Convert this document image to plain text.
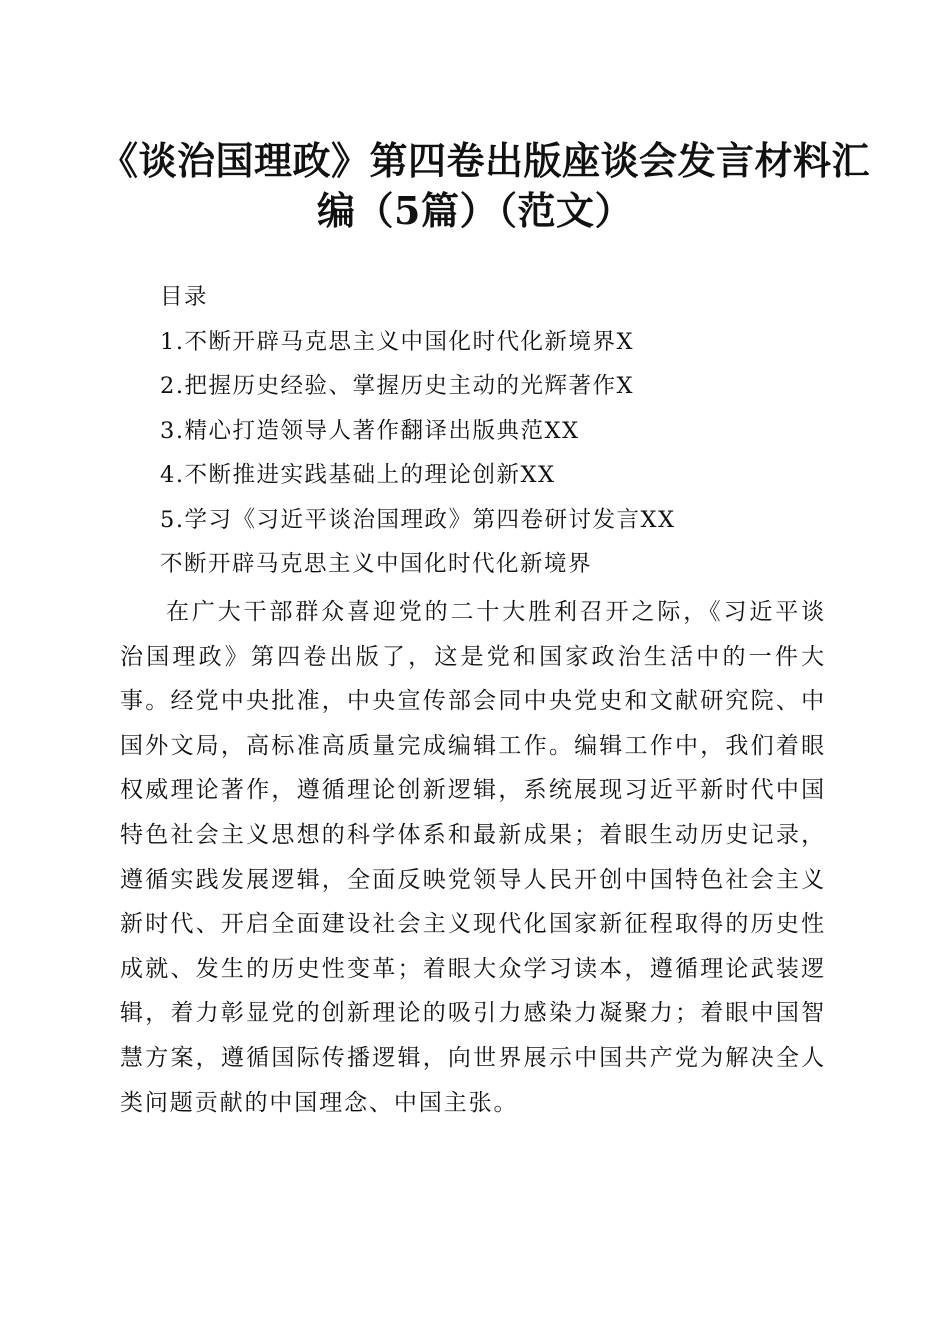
《谈治国理政》第四卷出版座谈会发言材料汇
编（5篇）（范文）
目录
1.不断开辟马克思主义中国化时代化新境界X
2.把握历史经验、掌握历史主动的光辉著作X
3.精心打造领导人著作翻译出版典范XX
4.不断推进实践基础上的理论创新XX
5.学习《习近平谈治国理政》第四卷研讨发言XX
不断开辟马克思主义中国化时代化新境界

在广大干部群众喜迎党的二十大胜利召开之际，《习近平谈治国理政》第四卷出版了，这是党和国家政治生活中的一件大事。经党中央批准，中央宣传部会同中央党史和文献研究院、中国外文局，高标准高质量完成编辑工作。编辑工作中，我们着眼权威理论著作，遵循理论创新逻辑，系统展现习近平新时代中国特色社会主义思想的科学体系和最新成果；着眼生动历史记录，遵循实践发展逻辑，全面反映党领导人民开创中国特色社会主义新时代、开启全面建设社会主义现代化国家新征程取得的历史性成就、发生的历史性变革；着眼大众学习读本，遵循理论武装逻辑，着力彰显党的创新理论的吸引力感染力凝聚力；着眼中国智慧方案，遵循国际传播逻辑，向世界展示中国共产党为解决全人类问题贡献的中国理念、中国主张。
